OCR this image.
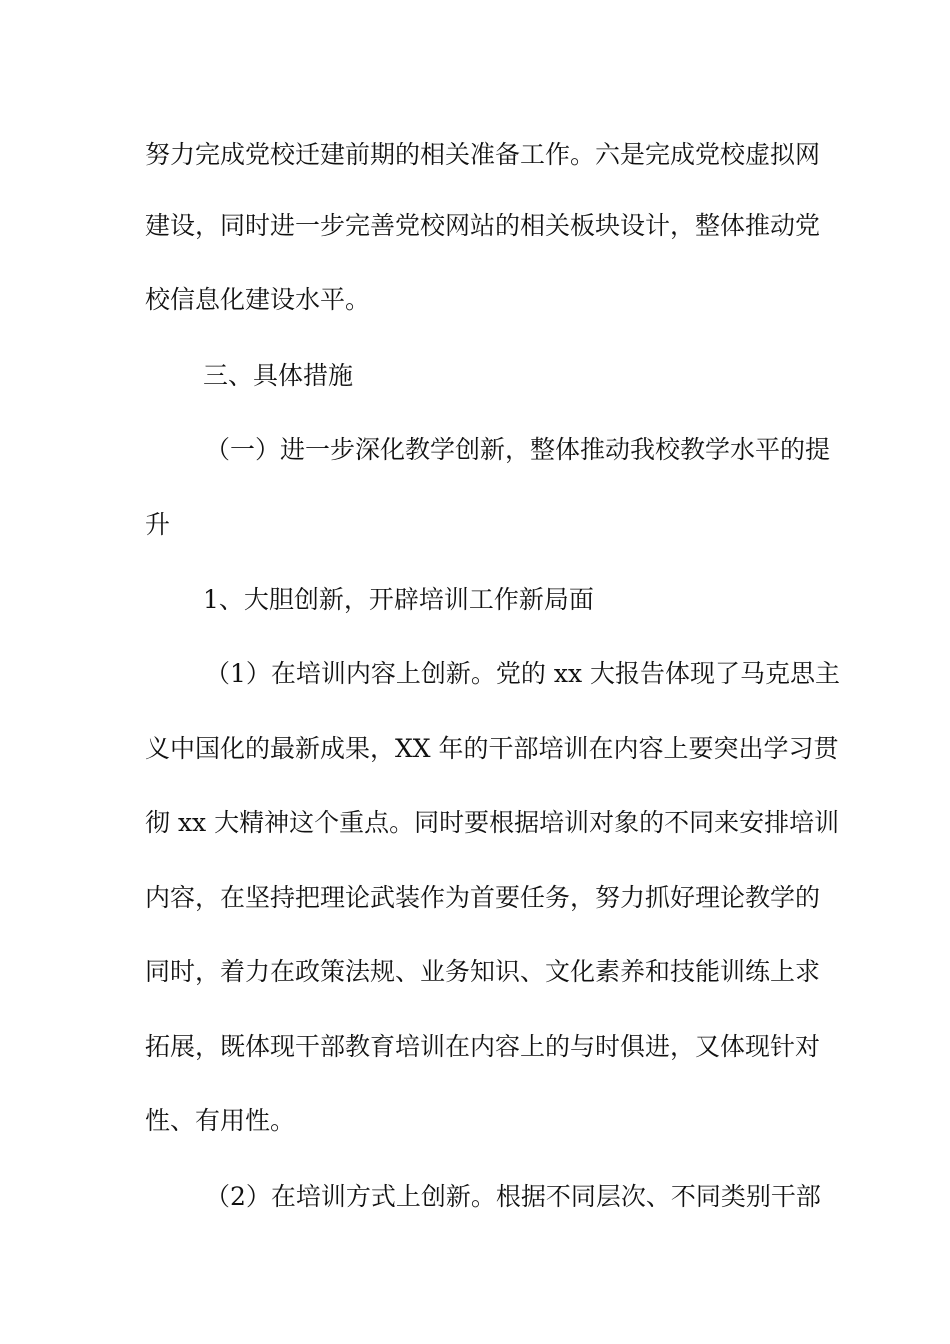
努力完成党校迁建前期的相关准备工作。六是完成党校虚拟网
建设，同时进一步完善党校网站的相关板块设计，整体推动党
校信息化建设水平。
三、具体措施
（一）进一步深化教学创新，整体推动我校教学水平的提
升
1、大胆创新，开辟培训工作新局面
（1）在培训内容上创新。党的 xx 大报告体现了马克思主
义中国化的最新成果，XX 年的干部培训在内容上要突出学习贯
彻 xx 大精神这个重点。同时要根据培训对象的不同来安排培训
内容，在坚持把理论武装作为首要任务，努力抓好理论教学的
同时，着力在政策法规、业务知识、文化素养和技能训练上求
拓展，既体现干部教育培训在内容上的与时俱进，又体现针对
性、有用性。
（2）在培训方式上创新。根据不同层次、不同类别干部
